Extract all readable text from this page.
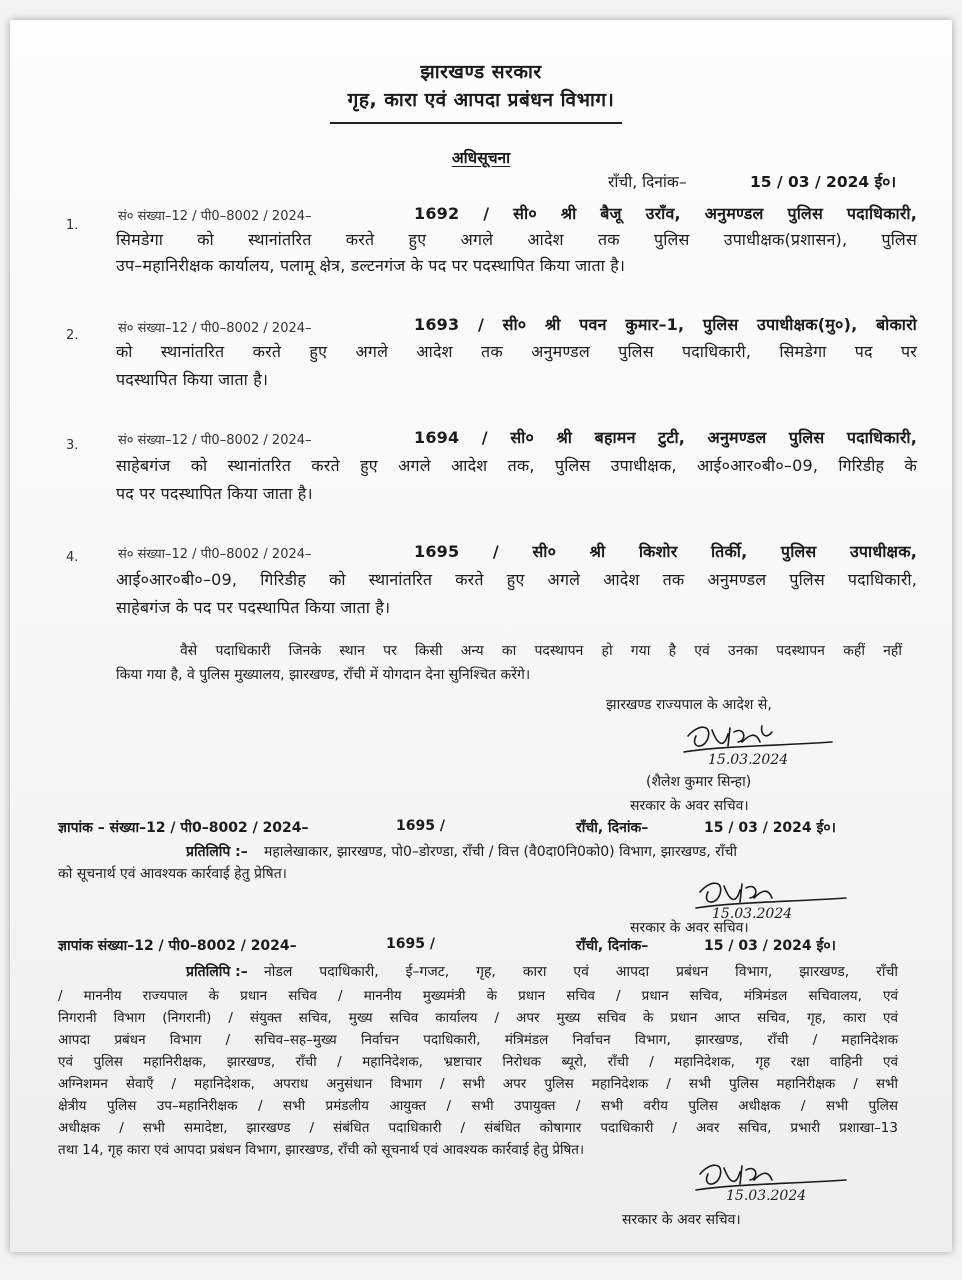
झारखण्ड सरकार
गृह, कारा एवं आपदा प्रबंधन विभाग।
अधिसूचना
राँची, दिनांक–	15 / 03 / 2024 ई०।
1.
सं० संख्या–12 / पी0–8002 / 2024–	1692 / सी० श्री बैजू उराँव, अनुमण्डल पुलिस पदाधिकारी,
सिमडेगा को स्थानांतरित करते हुए अगले आदेश तक पुलिस उपाधीक्षक(प्रशासन), पुलिस
उप–महानिरीक्षक कार्यालय, पलामू क्षेत्र, डल्टनगंज के पद पर पदस्थापित किया जाता है।
2.	सं० संख्या–12 / पी0–8002 / 2024–	1693 / सी० श्री पवन कुमार–1, पुलिस उपाधीक्षक(मु०), बोकारो
को स्थानांतरित करते हुए अगले आदेश तक अनुमण्डल पुलिस पदाधिकारी, सिमडेगा पद पर
पदस्थापित किया जाता है।
3.	सं० संख्या–12 / पी0–8002 / 2024–	1694 / सी० श्री बहामन टुटी, अनुमण्डल पुलिस पदाधिकारी,
साहेबगंज को स्थानांतरित करते हुए अगले आदेश तक, पुलिस उपाधीक्षक, आई०आर०बी०–09, गिरिडीह के
पद पर पदस्थापित किया जाता है।
4.	सं० संख्या–12 / पी0–8002 / 2024–	1695 / सी० श्री किशोर तिर्की, पुलिस उपाधीक्षक,
आई०आर०बी०–09, गिरिडीह को स्थानांतरित करते हुए अगले आदेश तक अनुमण्डल पुलिस पदाधिकारी,
साहेबगंज के पद पर पदस्थापित किया जाता है।
वैसे पदाधिकारी जिनके स्थान पर किसी अन्य का पदस्थापन हो गया है एवं उनका पदस्थापन कहीं नहीं
किया गया है, वे पुलिस मुख्यालय, झारखण्ड, राँची में योगदान देना सुनिश्चित करेंगे।
झारखण्ड राज्यपाल के आदेश से,
15.03.2024
(शैलेश कुमार सिन्हा)
सरकार के अवर सचिव।
ज्ञापांक – संख्या–12 / पी0–8002 / 2024–	1695 /	राँची, दिनांक–	15 / 03 / 2024 ई०।
प्रतिलिपि :– महालेखाकार, झारखण्ड, पो0–डोरण्डा, राँची / वित्त (वै0दा0नि0को0) विभाग, झारखण्ड, राँची
को सूचनार्थ एवं आवश्यक कार्रवाई हेतु प्रेषित।
15.03.2024
सरकार के अवर सचिव।
ज्ञापांक संख्या–12 / पी0–8002 / 2024–	1695 /	राँची, दिनांक–	15 / 03 / 2024 ई०।
प्रतिलिपि :– नोडल पदाधिकारी, ई–गजट, गृह, कारा एवं आपदा प्रबंधन विभाग, झारखण्ड, राँची
/ माननीय राज्यपाल के प्रधान सचिव / माननीय मुख्यमंत्री के प्रधान सचिव / प्रधान सचिव, मंत्रिमंडल सचिवालय, एवं
निगरानी विभाग (निगरानी) / संयुक्त सचिव, मुख्य सचिव कार्यालय / अपर मुख्य सचिव के प्रधान आप्त सचिव, गृह, कारा एवं
आपदा प्रबंधन विभाग / सचिव–सह–मुख्य निर्वाचन पदाधिकारी, मंत्रिमंडल निर्वाचन विभाग, झारखण्ड, राँची / महानिदेशक
एवं पुलिस महानिरीक्षक, झारखण्ड, राँची / महानिदेशक, भ्रष्टाचार निरोधक ब्यूरो, राँची / महानिदेशक, गृह रक्षा वाहिनी एवं
अग्निशमन सेवाएँ / महानिदेशक, अपराध अनुसंधान विभाग / सभी अपर पुलिस महानिदेशक / सभी पुलिस महानिरीक्षक / सभी
क्षेत्रीय पुलिस उप–महानिरीक्षक / सभी प्रमंडलीय आयुक्त / सभी उपायुक्त / सभी वरीय पुलिस अधीक्षक / सभी पुलिस
अधीक्षक / सभी समादेष्टा, झारखण्ड / संबंधित पदाधिकारी / संबंधित कोषागार पदाधिकारी / अवर सचिव, प्रभारी प्रशाखा–13
तथा 14, गृह कारा एवं आपदा प्रबंधन विभाग, झारखण्ड, राँची को सूचनार्थ एवं आवश्यक कार्रवाई हेतु प्रेषित।
15.03.2024
सरकार के अवर सचिव।
